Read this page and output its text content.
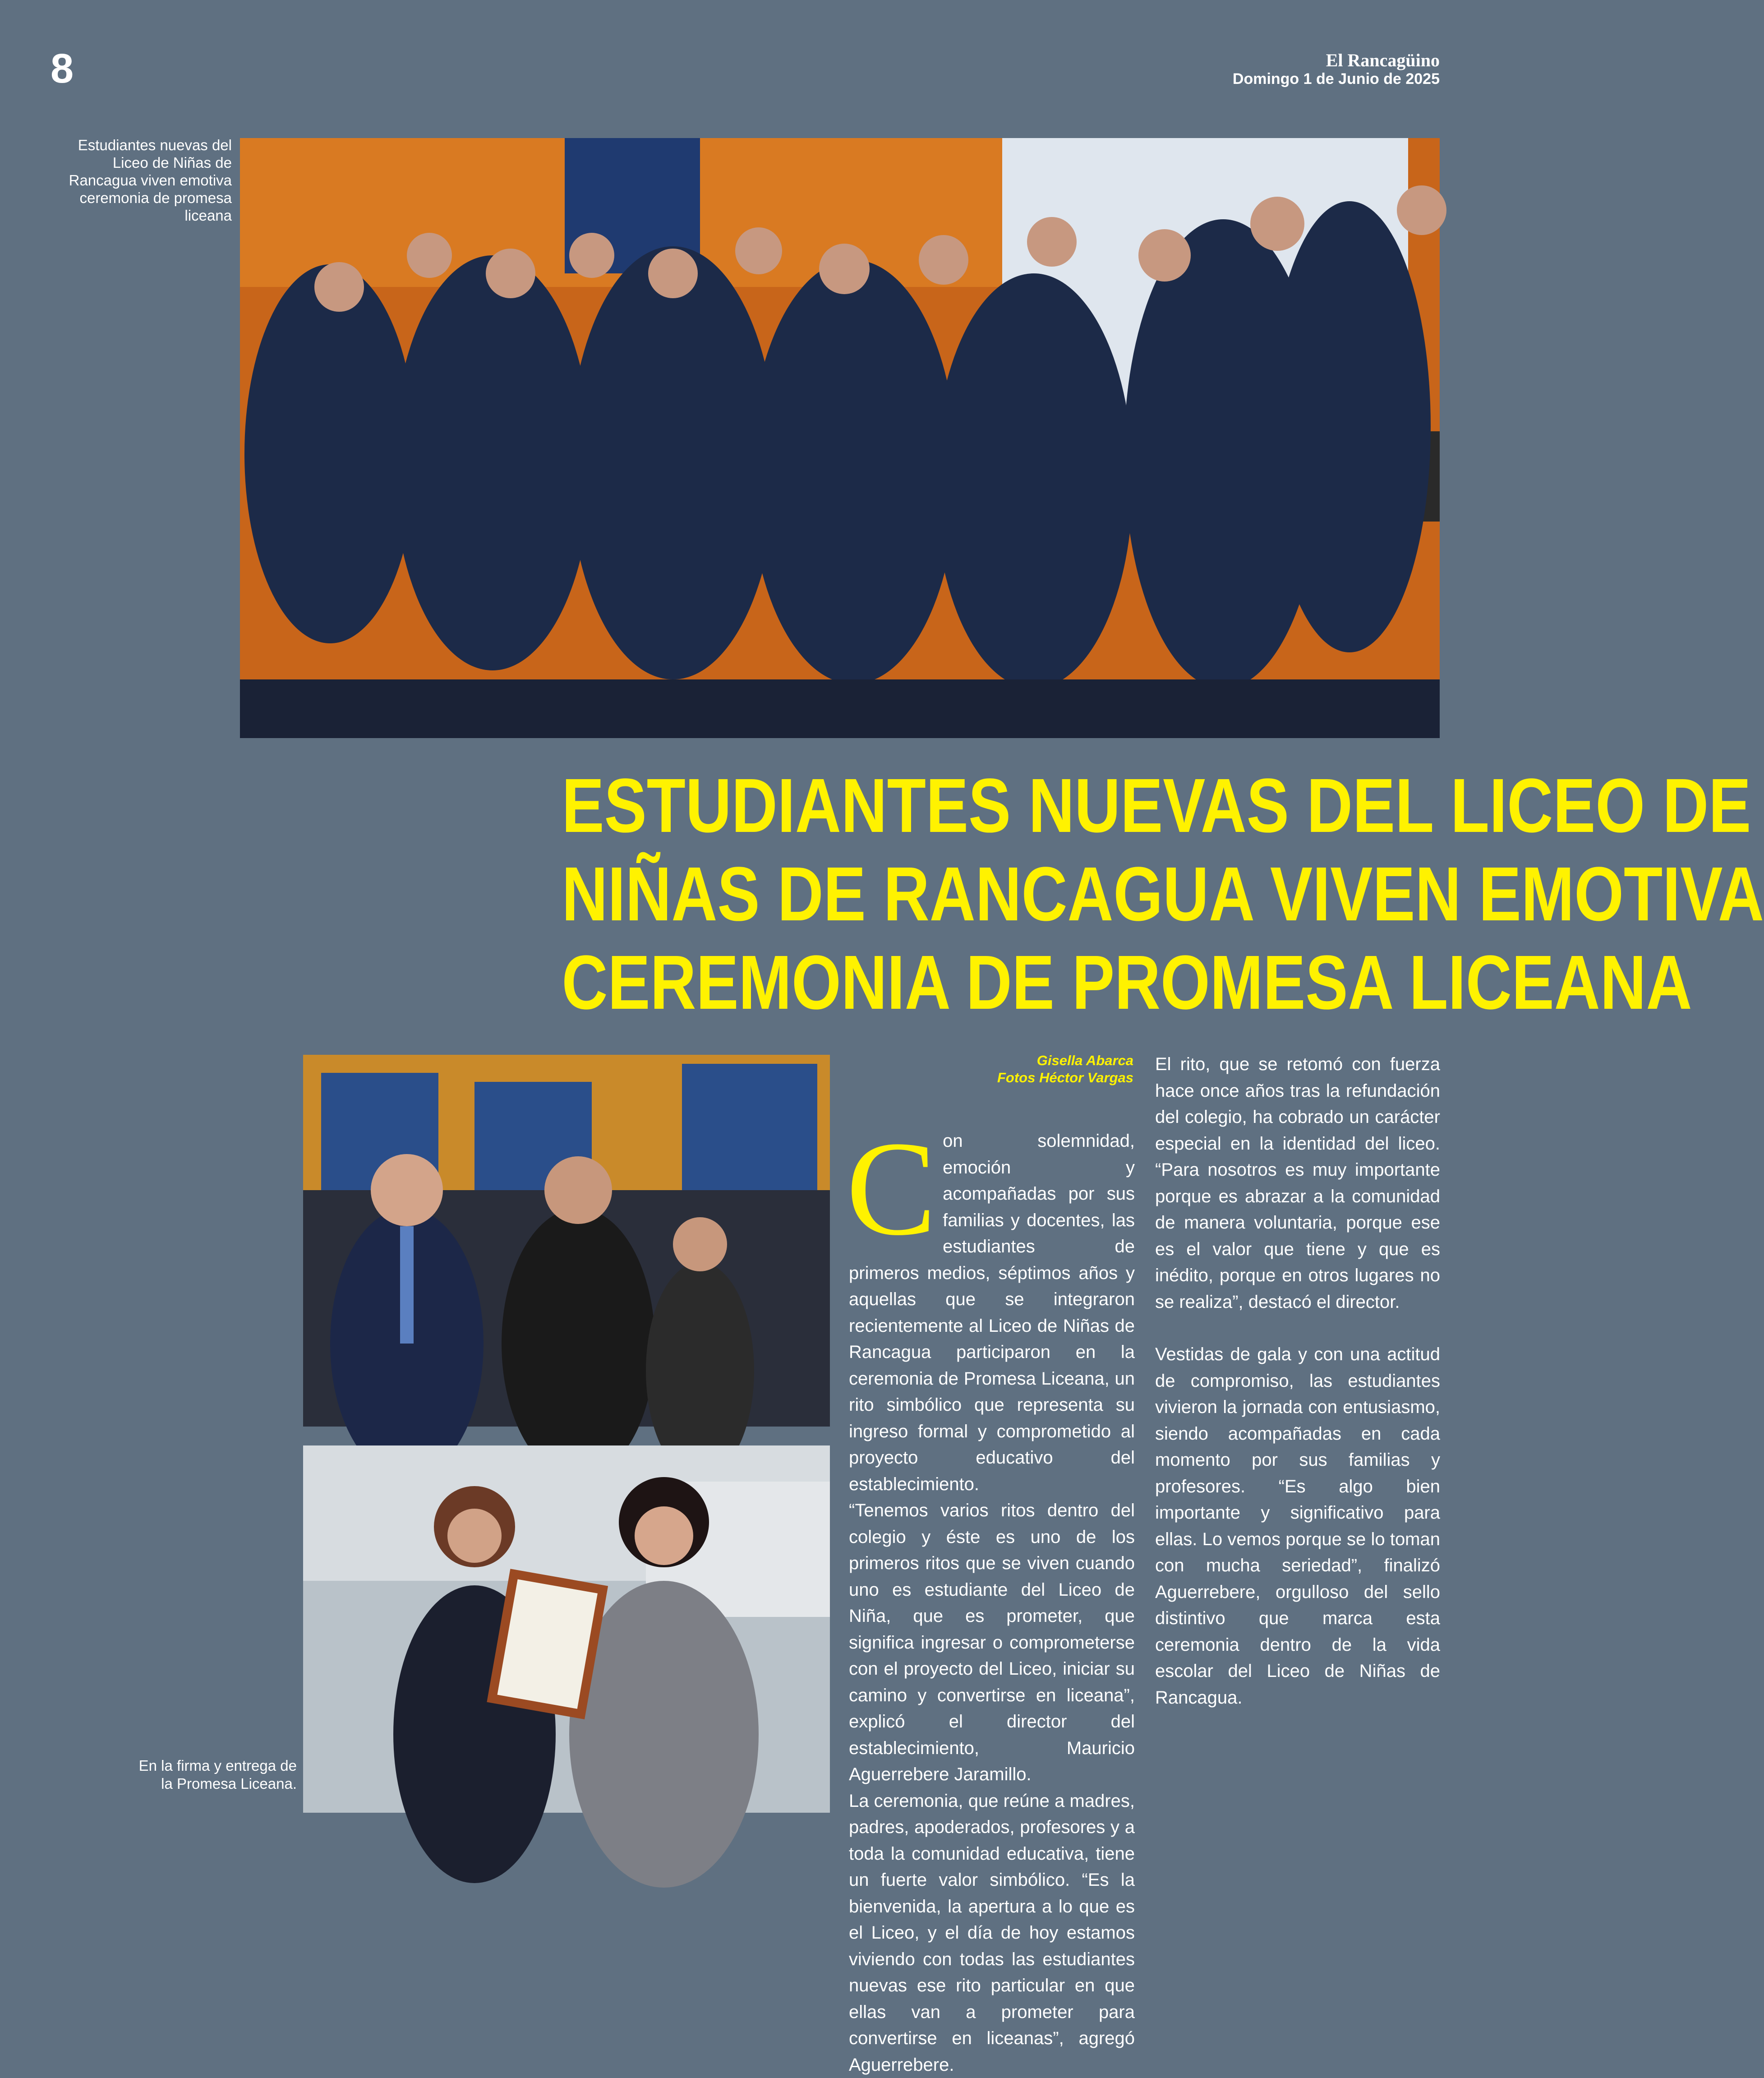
8	El Rancagüino
Domingo 1 de Junio de 2025
Estudiantes nuevas del Liceo de Niñas de Rancagua viven emotiva ceremonia de promesa liceana
ESTUDIANTES NUEVAS DEL LICEO DE
NIÑAS DE RANCAGUA VIVEN EMOTIVA
CEREMONIA DE PROMESA LICEANA
En la firma y entrega de la Promesa Liceana.
Gisella Abarca
Fotos Héctor Vargas
C on solemnidad, emoción y acompañadas por sus familias y docentes, las estudiantes de primeros medios, séptimos años y aquellas que se integraron recientemente al Liceo de Niñas de Rancagua participaron en la ceremonia de Promesa Liceana, un rito simbólico que representa su ingreso formal y comprometido al proyecto educativo del establecimiento.

“Tenemos varios ritos dentro del colegio y éste es uno de los primeros ritos que se viven cuando uno es estudiante del Liceo de Niña, que es prometer, que significa ingresar o comprometerse con el proyecto del Liceo, iniciar su camino y convertirse en liceana”, explicó el director del establecimiento, Mauricio Aguerrebere Jaramillo.

La ceremonia, que reúne a madres, padres, apoderados, profesores y a toda la comunidad educativa, tiene un fuerte valor simbólico. “Es la bienvenida, la apertura a lo que es el Liceo, y el día de hoy estamos viviendo con todas las estudiantes nuevas ese rito particular en que ellas van a prometer para convertirse en liceanas”, agregó Aguerrebere.

El rito, que se retomó con fuerza hace once años tras la refundación del colegio, ha cobrado un carácter especial en la identidad del liceo. “Para nosotros es muy importante porque es abrazar a la comunidad de manera voluntaria, porque ese es el valor que tiene y que es inédito, porque en otros lugares no se realiza”, destacó el director.

Vestidas de gala y con una actitud de compromiso, las estudiantes vivieron la jornada con entusiasmo, siendo acompañadas en cada momento por sus familias y profesores. “Es algo bien importante y significativo para ellas. Lo vemos porque se lo toman con mucha seriedad”, finalizó Aguerrebere, orgulloso del sello distintivo que marca esta ceremonia dentro de la vida escolar del Liceo de Niñas de Rancagua.
